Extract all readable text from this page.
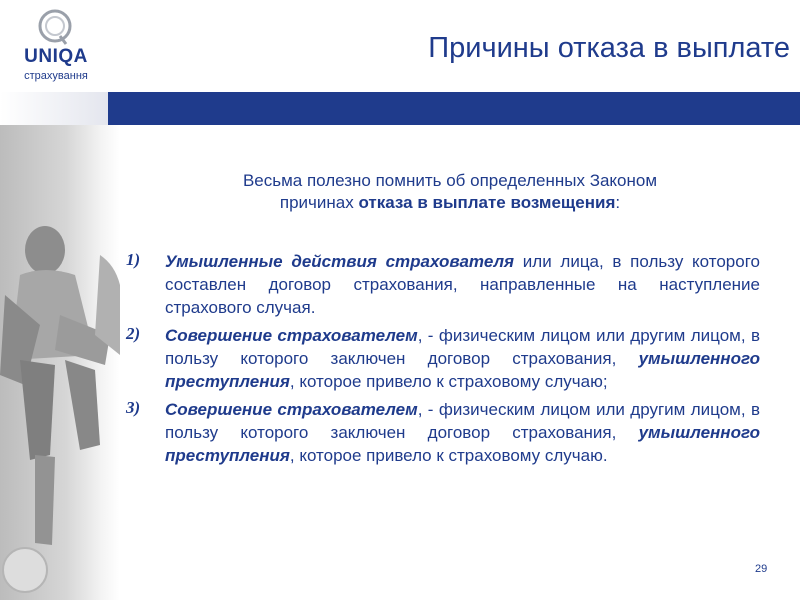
UNIQA
страхування
Причины отказа в выплате
Весьма полезно помнить об определенных Законом
причинах отказа в выплате возмещения:
1) Умышленные действия страхователя или лица, в пользу которого составлен договор страхования, направленные на наступление страхового случая.
2) Совершение страхователем, - физическим лицом или другим лицом, в пользу которого заключен договор страхования, умышленного преступления, которое привело к страховому случаю;
3) Совершение страхователем, - физическим лицом или другим лицом, в пользу которого заключен договор страхования, умышленного преступления, которое привело к страховому случаю.
29
